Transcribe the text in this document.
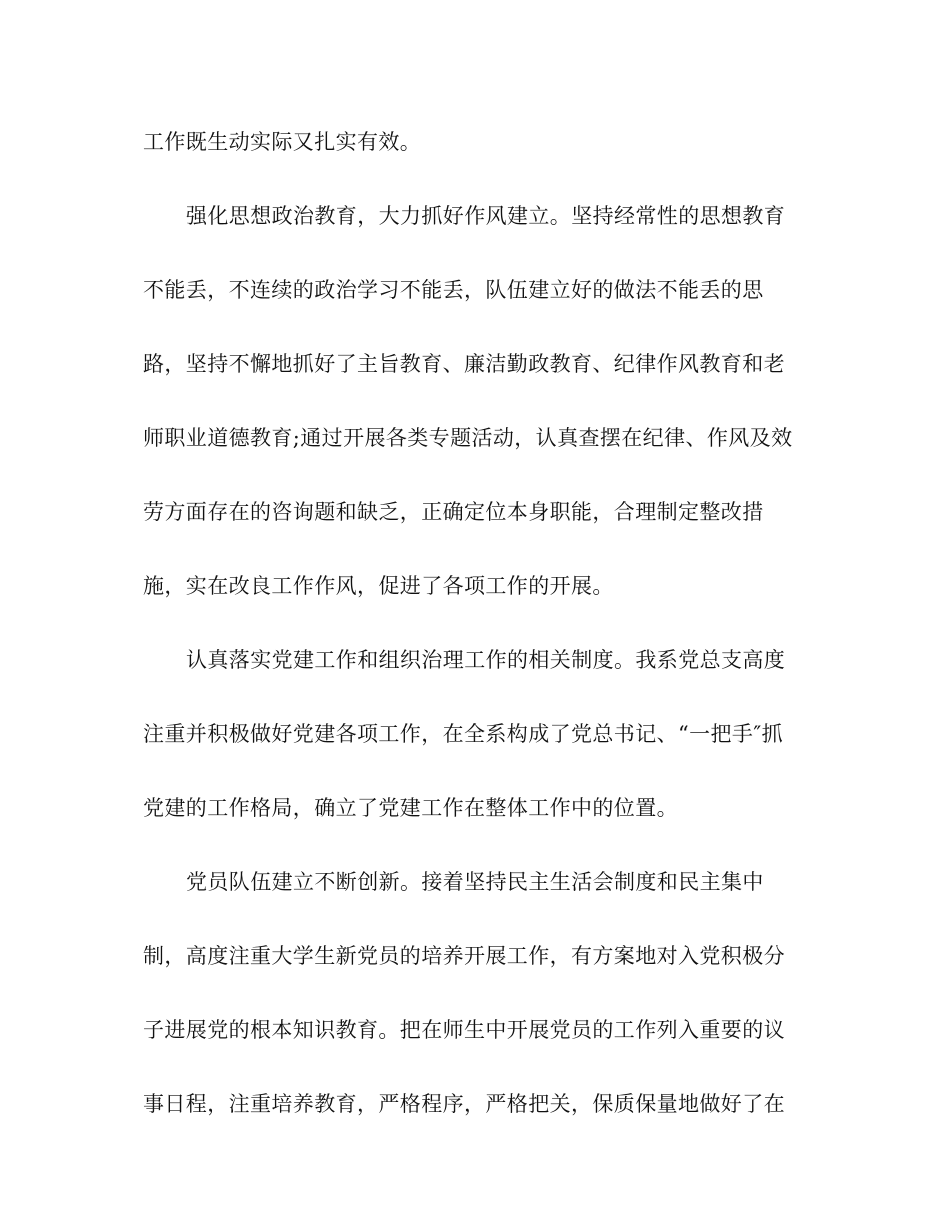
工作既生动实际又扎实有效。
强化思想政治教育，大力抓好作风建立。坚持经常性的思想教育
不能丢，不连续的政治学习不能丢，队伍建立好的做法不能丢的思
路，坚持不懈地抓好了主旨教育、廉洁勤政教育、纪律作风教育和老
师职业道德教育;通过开展各类专题活动，认真查摆在纪律、作风及效
劳方面存在的咨询题和缺乏，正确定位本身职能，合理制定整改措
施，实在改良工作作风，促进了各项工作的开展。
认真落实党建工作和组织治理工作的相关制度。我系党总支高度
注重并积极做好党建各项工作，在全系构成了党总书记、“一把手″抓
党建的工作格局，确立了党建工作在整体工作中的位置。
党员队伍建立不断创新。接着坚持民主生活会制度和民主集中
制，高度注重大学生新党员的培养开展工作，有方案地对入党积极分
子进展党的根本知识教育。把在师生中开展党员的工作列入重要的议
事日程，注重培养教育，严格程序，严格把关，保质保量地做好了在
